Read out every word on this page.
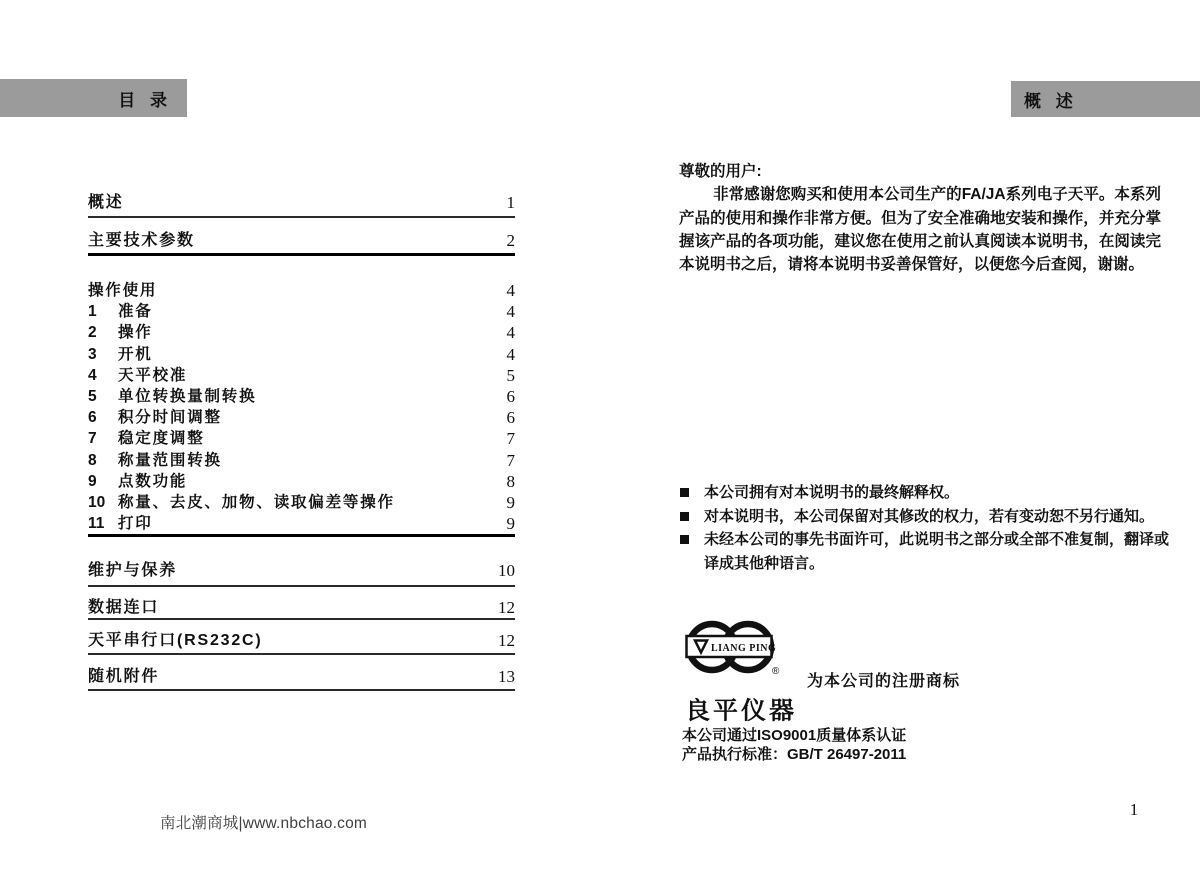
目 录	概 述
概述	1
主要技术参数	2
操作使用	4
1	准备	4
2	操作	4
3	开机	4
4	天平校准	5
5	单位转换量制转换	6
6	积分时间调整	6
7	稳定度调整	7
8	称量范围转换	7
9	点数功能	8
10 称量、去皮、加物、读取偏差等操作	9
11 打印	9
维护与保养	10
数据连口	12
天平串行口(RS232C)	12
随机附件	13

尊敬的用户:

非常感谢您购买和使用本公司生产的FA/JA系列电子天平。本系列产品的使用和操作非常方便。但为了安全准确地安装和操作，并充分掌握该产品的各项功能，建议您在使用之前认真阅读本说明书，在阅读完本说明书之后，请将本说明书妥善保管好，以便您今后查阅，谢谢。

本公司拥有对本说明书的最终解释权。
对本说明书，本公司保留对其修改的权力，若有变动恕不另行通知。
未经本公司的事先书面许可，此说明书之部分或全部不准复制，翻译或译成其他种语言。
LIANG PING
®
良平仪器
为本公司的注册商标
本公司通过ISO9001质量体系认证
产品执行标准：GB/T 26497-2011
南北潮商城|www.nbchao.com
1
